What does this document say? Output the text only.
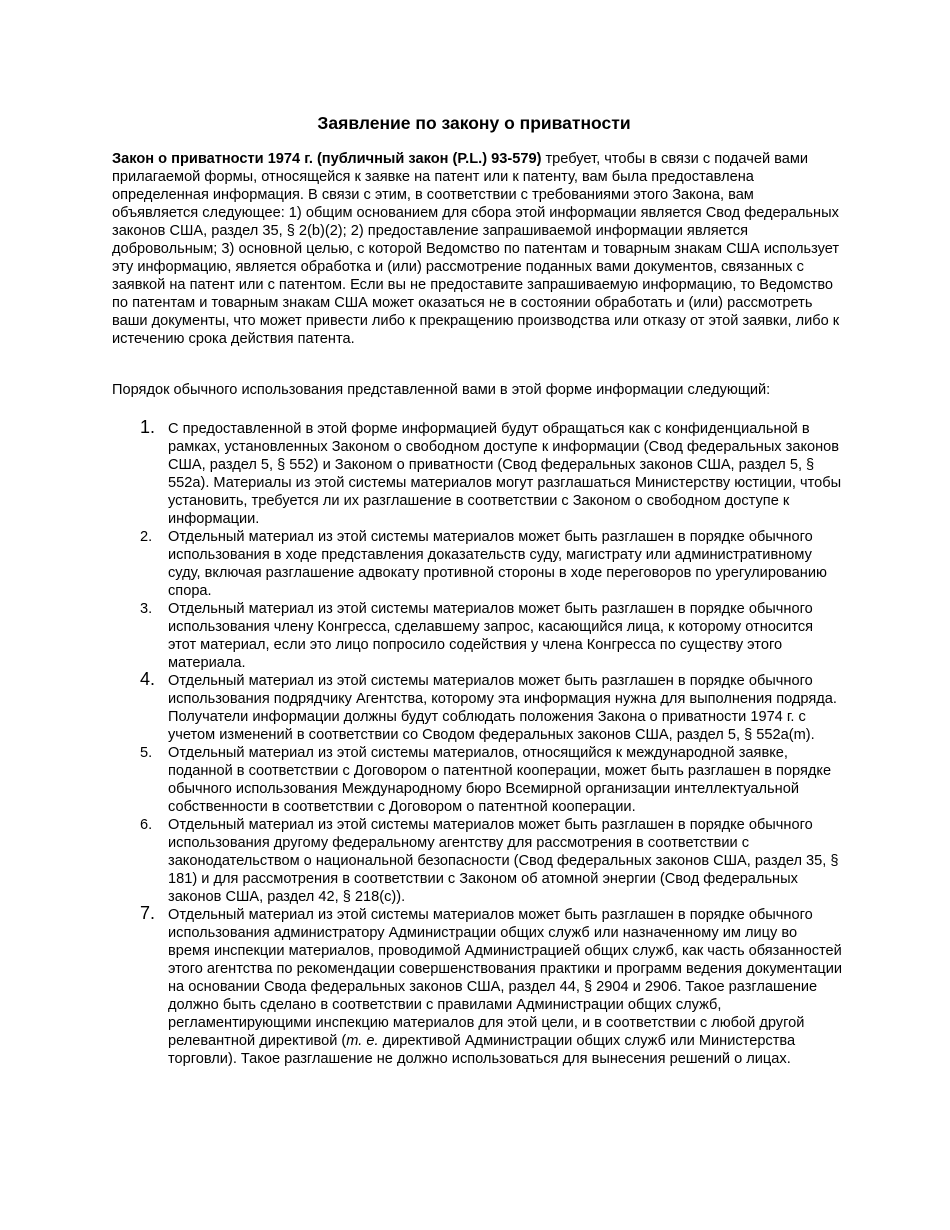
Заявление по закону о приватности

Закон о приватности 1974 г. (публичный закон (P.L.) 93-579) требует, чтобы в связи с подачей вами прилагаемой формы, относящейся к заявке на патент или к патенту, вам была предоставлена определенная информация. В связи с этим, в соответствии с требованиями этого Закона, вам объявляется следующее: 1) общим основанием для сбора этой информации является Свод федеральных законов США, раздел 35, § 2(b)(2); 2) предоставление запрашиваемой информации является добровольным; 3) основной целью, с которой Ведомство по патентам и товарным знакам США использует эту информацию, является обработка и (или) рассмотрение поданных вами документов, связанных с заявкой на патент или с патентом. Если вы не предоставите запрашиваемую информацию, то Ведомство по патентам и товарным знакам США может оказаться не в состоянии обработать и (или) рассмотреть ваши документы, что может привести либо к прекращению производства или отказу от этой заявки, либо к истечению срока действия патента.

Порядок обычного использования представленной вами в этой форме информации следующий:

1. С предоставленной в этой форме информацией будут обращаться как с конфиденциальной в рамках, установленных Законом о свободном доступе к информации (Свод федеральных законов США, раздел 5, § 552) и Законом о приватности (Свод федеральных законов США, раздел 5, § 552a). Материалы из этой системы материалов могут разглашаться Министерству юстиции, чтобы установить, требуется ли их разглашение в соответствии с Законом о свободном доступе к информации.
2. Отдельный материал из этой системы материалов может быть разглашен в порядке обычного использования в ходе представления доказательств суду, магистрату или административному суду, включая разглашение адвокату противной стороны в ходе переговоров по урегулированию спора.
3. Отдельный материал из этой системы материалов может быть разглашен в порядке обычного использования члену Конгресса, сделавшему запрос, касающийся лица, к которому относится этот материал, если это лицо попросило содействия у члена Конгресса по существу этого материала.
4. Отдельный материал из этой системы материалов может быть разглашен в порядке обычного использования подрядчику Агентства, которому эта информация нужна для выполнения подряда. Получатели информации должны будут соблюдать положения Закона о приватности 1974 г. с учетом изменений в соответствии со Сводом федеральных законов США, раздел 5, § 552a(m).
5. Отдельный материал из этой системы материалов, относящийся к международной заявке, поданной в соответствии с Договором о патентной кооперации, может быть разглашен в порядке обычного использования Международному бюро Всемирной организации интеллектуальной собственности в соответствии с Договором о патентной кооперации.
6. Отдельный материал из этой системы материалов может быть разглашен в порядке обычного использования другому федеральному агентству для рассмотрения в соответствии с законодательством о национальной безопасности (Свод федеральных законов США, раздел 35, § 181) и для рассмотрения в соответствии с Законом об атомной энергии (Свод федеральных законов США, раздел 42, § 218(c)).
7. Отдельный материал из этой системы материалов может быть разглашен в порядке обычного использования администратору Администрации общих служб или назначенному им лицу во время инспекции материалов, проводимой Администрацией общих служб, как часть обязанностей этого агентства по рекомендации совершенствования практики и программ ведения документации на основании Свода федеральных законов США, раздел 44, § 2904 и 2906. Такое разглашение должно быть сделано в соответствии с правилами Администрации общих служб, регламентирующими инспекцию материалов для этой цели, и в соответствии с любой другой релевантной директивой (т. е. директивой Администрации общих служб или Министерства торговли). Такое разглашение не должно использоваться для вынесения решений о лицах.
